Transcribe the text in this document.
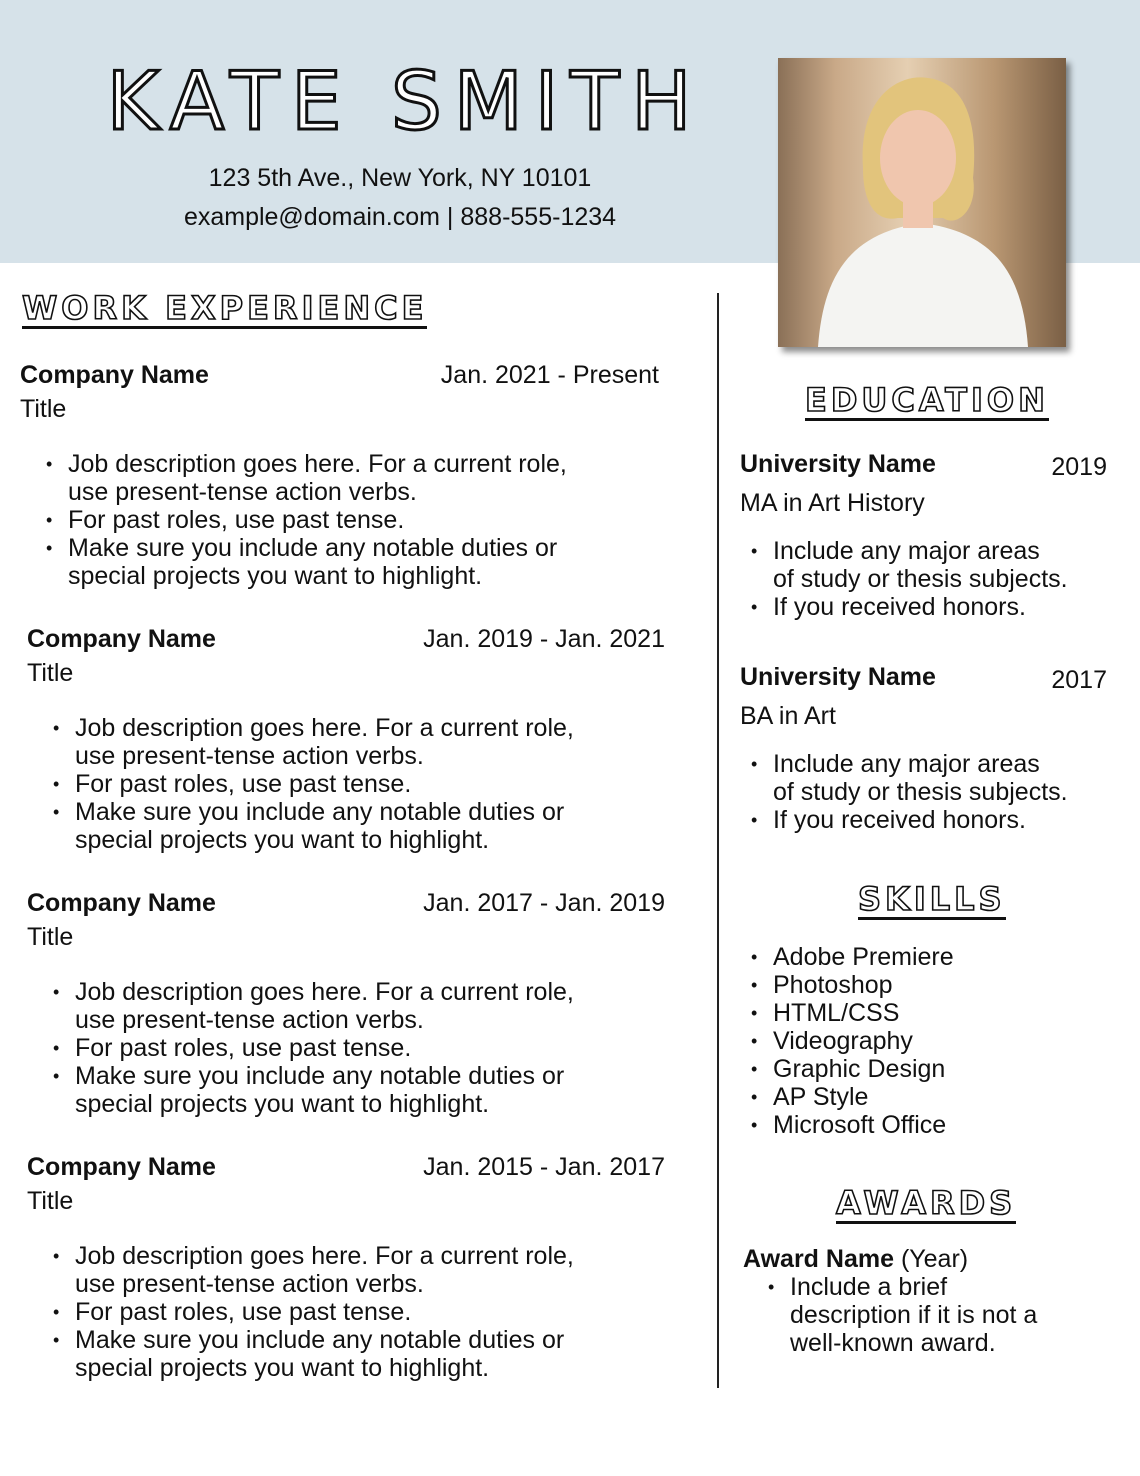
KATE SMITH
123 5th Ave., New York, NY 10101
example@domain.com | 888-555-1234
WORK EXPERIENCE
Company Name	Jan. 2021 - Present
Title
• Job description goes here. For a current role,
use present-tense action verbs.
• For past roles, use past tense.
• Make sure you include any notable duties or
special projects you want to highlight.
Company Name	Jan. 2019 - Jan. 2021
Title
• Job description goes here. For a current role,
use present-tense action verbs.
• For past roles, use past tense.
• Make sure you include any notable duties or
special projects you want to highlight.
Company Name	Jan. 2017 - Jan. 2019
Title
• Job description goes here. For a current role,
use present-tense action verbs.
• For past roles, use past tense.
• Make sure you include any notable duties or
special projects you want to highlight.
Company Name	Jan. 2015 - Jan. 2017
Title
• Job description goes here. For a current role,
use present-tense action verbs.
• For past roles, use past tense.
• Make sure you include any notable duties or
special projects you want to highlight.
EDUCATION
University Name	2019
MA in Art History
• Include any major areas
of study or thesis subjects.
• If you received honors.
University Name	2017
BA in Art
• Include any major areas
of study or thesis subjects.
• If you received honors.
SKILLS
• Adobe Premiere
• Photoshop
• HTML/CSS
• Videography
• Graphic Design
• AP Style
• Microsoft Office
AWARDS
Award Name (Year)
• Include a brief
description if it is not a
well-known award.
